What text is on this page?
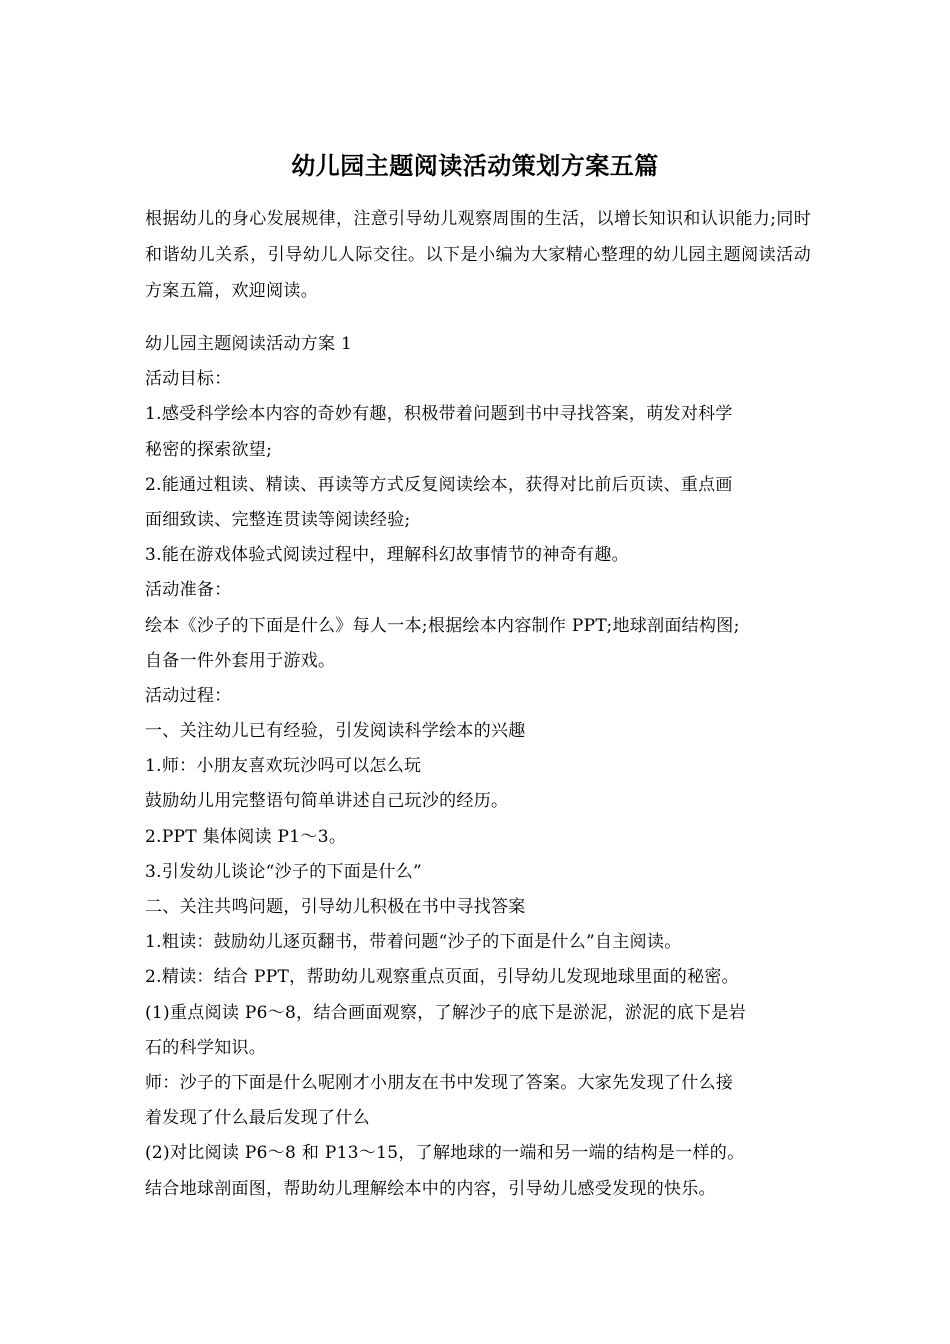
幼儿园主题阅读活动策划方案五篇

根据幼儿的身心发展规律，注意引导幼儿观察周围的生活，以增长知识和认识能力;同时和谐幼儿关系，引导幼儿人际交往。以下是小编为大家精心整理的幼儿园主题阅读活动方案五篇，欢迎阅读。

幼儿园主题阅读活动方案 1
活动目标：
1.感受科学绘本内容的奇妙有趣，积极带着问题到书中寻找答案，萌发对科学
秘密的探索欲望;
2.能通过粗读、精读、再读等方式反复阅读绘本，获得对比前后页读、重点画
面细致读、完整连贯读等阅读经验;
3.能在游戏体验式阅读过程中，理解科幻故事情节的神奇有趣。
活动准备：
绘本《沙子的下面是什么》每人一本;根据绘本内容制作 PPT;地球剖面结构图;
自备一件外套用于游戏。
活动过程：
一、关注幼儿已有经验，引发阅读科学绘本的兴趣
1.师：小朋友喜欢玩沙吗可以怎么玩
鼓励幼儿用完整语句简单讲述自己玩沙的经历。
2.PPT 集体阅读 P1～3。
3.引发幼儿谈论“沙子的下面是什么”
二、关注共鸣问题，引导幼儿积极在书中寻找答案
1.粗读：鼓励幼儿逐页翻书，带着问题“沙子的下面是什么”自主阅读。
2.精读：结合 PPT，帮助幼儿观察重点页面，引导幼儿发现地球里面的秘密。
(1)重点阅读 P6～8，结合画面观察，了解沙子的底下是淤泥，淤泥的底下是岩
石的科学知识。
师：沙子的下面是什么呢刚才小朋友在书中发现了答案。大家先发现了什么接
着发现了什么最后发现了什么
(2)对比阅读 P6～8 和 P13～15，了解地球的一端和另一端的结构是一样的。
结合地球剖面图，帮助幼儿理解绘本中的内容，引导幼儿感受发现的快乐。
